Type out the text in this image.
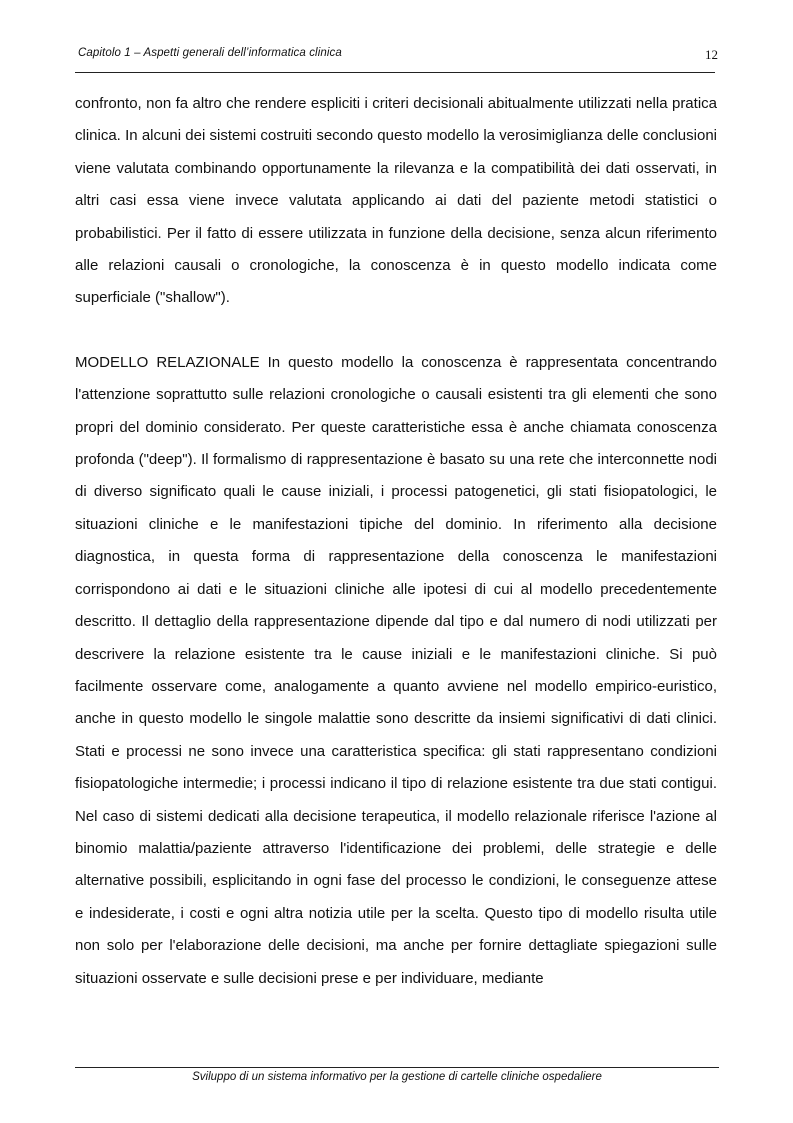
Capitolo 1 – Aspetti generali dell’informatica clinica	12

confronto, non fa altro che rendere espliciti i criteri decisionali abitualmente utilizzati nella pratica clinica. In alcuni dei sistemi costruiti secondo questo modello la verosimiglianza delle conclusioni viene valutata combinando opportunamente la rilevanza e la compatibilità dei dati osservati, in altri casi essa viene invece valutata applicando ai dati del paziente metodi statistici o probabilistici. Per il fatto di essere utilizzata in funzione della decisione, senza alcun riferimento alle relazioni causali o cronologiche, la conoscenza è in questo modello indicata come superficiale ("shallow").

MODELLO RELAZIONALE In questo modello la conoscenza è rappresentata concentrando l'attenzione soprattutto sulle relazioni cronologiche o causali esistenti tra gli elementi che sono propri del dominio considerato. Per queste caratteristiche essa è anche chiamata conoscenza profonda ("deep"). Il formalismo di rappresentazione è basato su una rete che interconnette nodi di diverso significato quali le cause iniziali, i processi patogenetici, gli stati fisiopatologici, le situazioni cliniche e le manifestazioni tipiche del dominio. In riferimento alla decisione diagnostica, in questa forma di rappresentazione della conoscenza le manifestazioni corrispondono ai dati e le situazioni cliniche alle ipotesi di cui al modello precedentemente descritto. Il dettaglio della rappresentazione dipende dal tipo e dal numero di nodi utilizzati per descrivere la relazione esistente tra le cause iniziali e le manifestazioni cliniche. Si può facilmente osservare come, analogamente a quanto avviene nel modello empirico-euristico, anche in questo modello le singole malattie sono descritte da insiemi significativi di dati clinici. Stati e processi ne sono invece una caratteristica specifica: gli stati rappresentano condizioni fisiopatologiche intermedie; i processi indicano il tipo di relazione esistente tra due stati contigui. Nel caso di sistemi dedicati alla decisione terapeutica, il modello relazionale riferisce l'azione al binomio malattia/paziente attraverso l'identificazione dei problemi, delle strategie e delle alternative possibili, esplicitando in ogni fase del processo le condizioni, le conseguenze attese e indesiderate, i costi e ogni altra notizia utile per la scelta. Questo tipo di modello risulta utile non solo per l'elaborazione delle decisioni, ma anche per fornire dettagliate spiegazioni sulle situazioni osservate e sulle decisioni prese e per individuare, mediante

Sviluppo di un sistema informativo per la gestione di cartelle cliniche ospedaliere
